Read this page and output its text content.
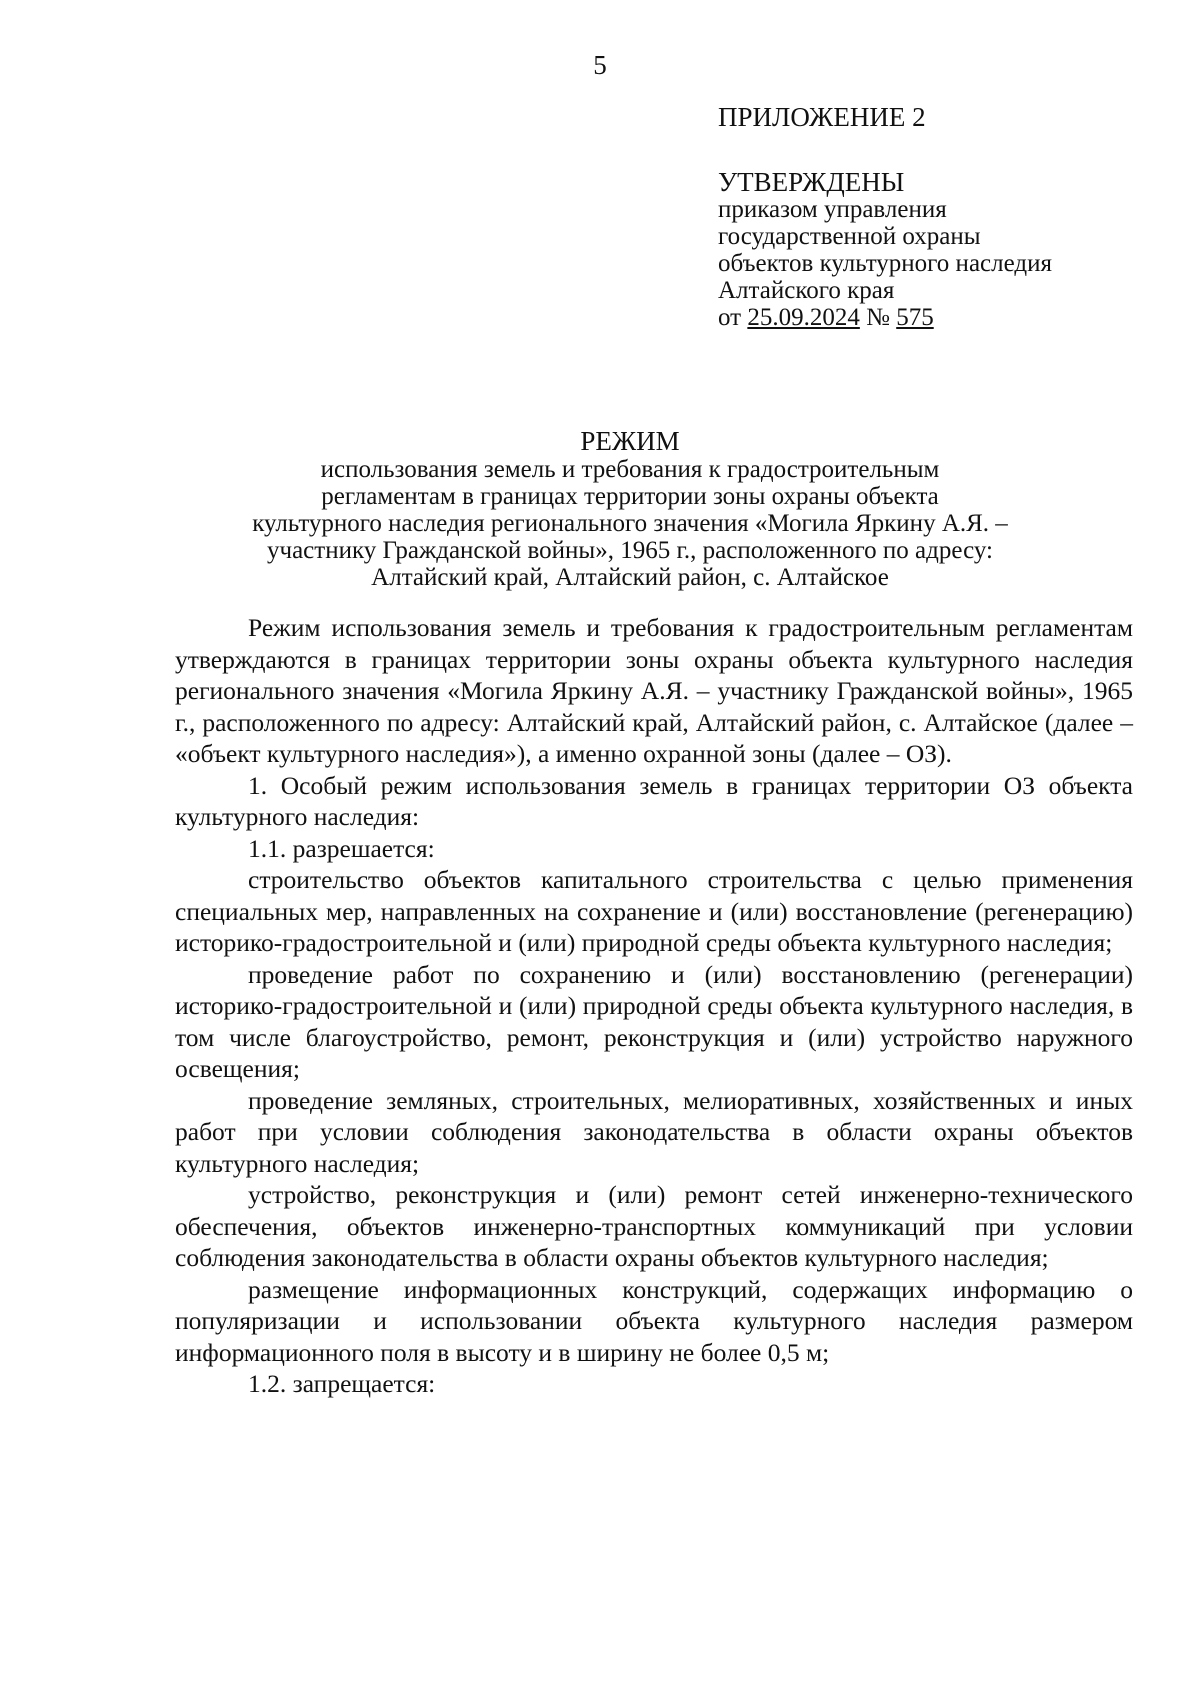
5
ПРИЛОЖЕНИЕ 2
УТВЕРЖДЕНЫ
приказом управления
государственной охраны
объектов культурного наследия
Алтайского края
от 25.09.2024 № 575
РЕЖИМ
использования земель и требования к градостроительным
регламентам в границах территории зоны охраны объекта
культурного наследия регионального значения «Могила Яркину А.Я. –
участнику Гражданской войны», 1965 г., расположенного по адресу:
Алтайский край, Алтайский район, с. Алтайское

Режим использования земель и требования к градостроительным регламентам утверждаются в границах территории зоны охраны объекта культурного наследия регионального значения «Могила Яркину А.Я. – участнику Гражданской войны», 1965 г., расположенного по адресу: Алтайский край, Алтайский район, с. Алтайское (далее – «объект культурного наследия»), а именно охранной зоны (далее – ОЗ).

1. Особый режим использования земель в границах территории ОЗ объекта культурного наследия:

1.1. разрешается:

строительство объектов капитального строительства с целью применения специальных мер, направленных на сохранение и (или) восстановление (регенерацию) историко-градостроительной и (или) природной среды объекта культурного наследия;

проведение работ по сохранению и (или) восстановлению (регенерации) историко-градостроительной и (или) природной среды объекта культурного наследия, в том числе благоустройство, ремонт, реконструкция и (или) устройство наружного освещения;

проведение земляных, строительных, мелиоративных, хозяйственных и иных работ при условии соблюдения законодательства в области охраны объектов культурного наследия;

устройство, реконструкция и (или) ремонт сетей инженерно-технического обеспечения, объектов инженерно-транспортных коммуникаций при условии соблюдения законодательства в области охраны объектов культурного наследия;

размещение информационных конструкций, содержащих информацию о популяризации и использовании объекта культурного наследия размером информационного поля в высоту и в ширину не более 0,5 м;

1.2. запрещается:
